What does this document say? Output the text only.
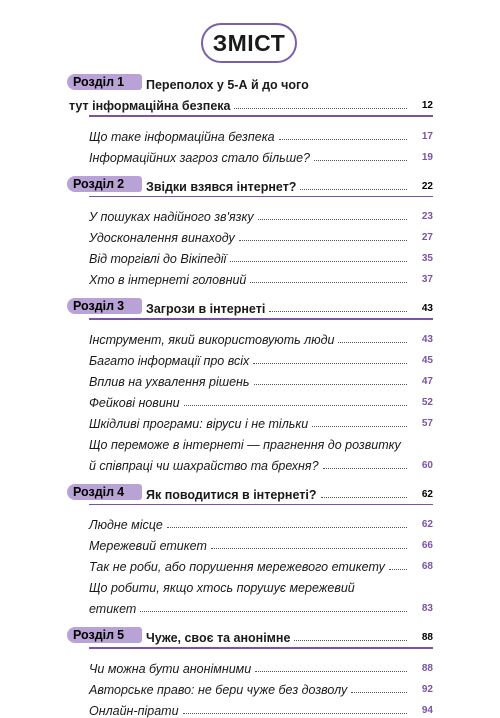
ЗМІСТ
Розділ 1 Переполох у 5-А й до чого
тут інформаційна безпека	12
Що таке інформаційна безпека	17
Інформаційних загроз стало більше?	19
Розділ 2 Звідки взявся інтернет?	22
У пошуках надійного зв'язку	23
Удосконалення винаходу	27
Від торгівлі до Вікіпедії	35
Хто в інтернеті головний	37
Розділ 3 Загрози в інтернеті	43
Інструмент, який використовують люди	43
Багато інформації про всіх	45
Вплив на ухвалення рішень	47
Фейкові новини	52
Шкідливі програми: віруси і не тільки	57
Що переможе в інтернеті — прагнення до розвитку
й співпраці чи шахрайство та брехня?	60
Розділ 4 Як поводитися в інтернеті?	62
Людне місце	62
Мережевий етикет	66
Так не роби, або порушення мережевого етикету	68
Що робити, якщо хтось порушує мережевий
етикет	83
Розділ 5 Чуже, своє та анонімне	88
Чи можна бути анонімними	88
Авторське право: не бери чуже без дозволу	92
Онлайн-пірати	94
